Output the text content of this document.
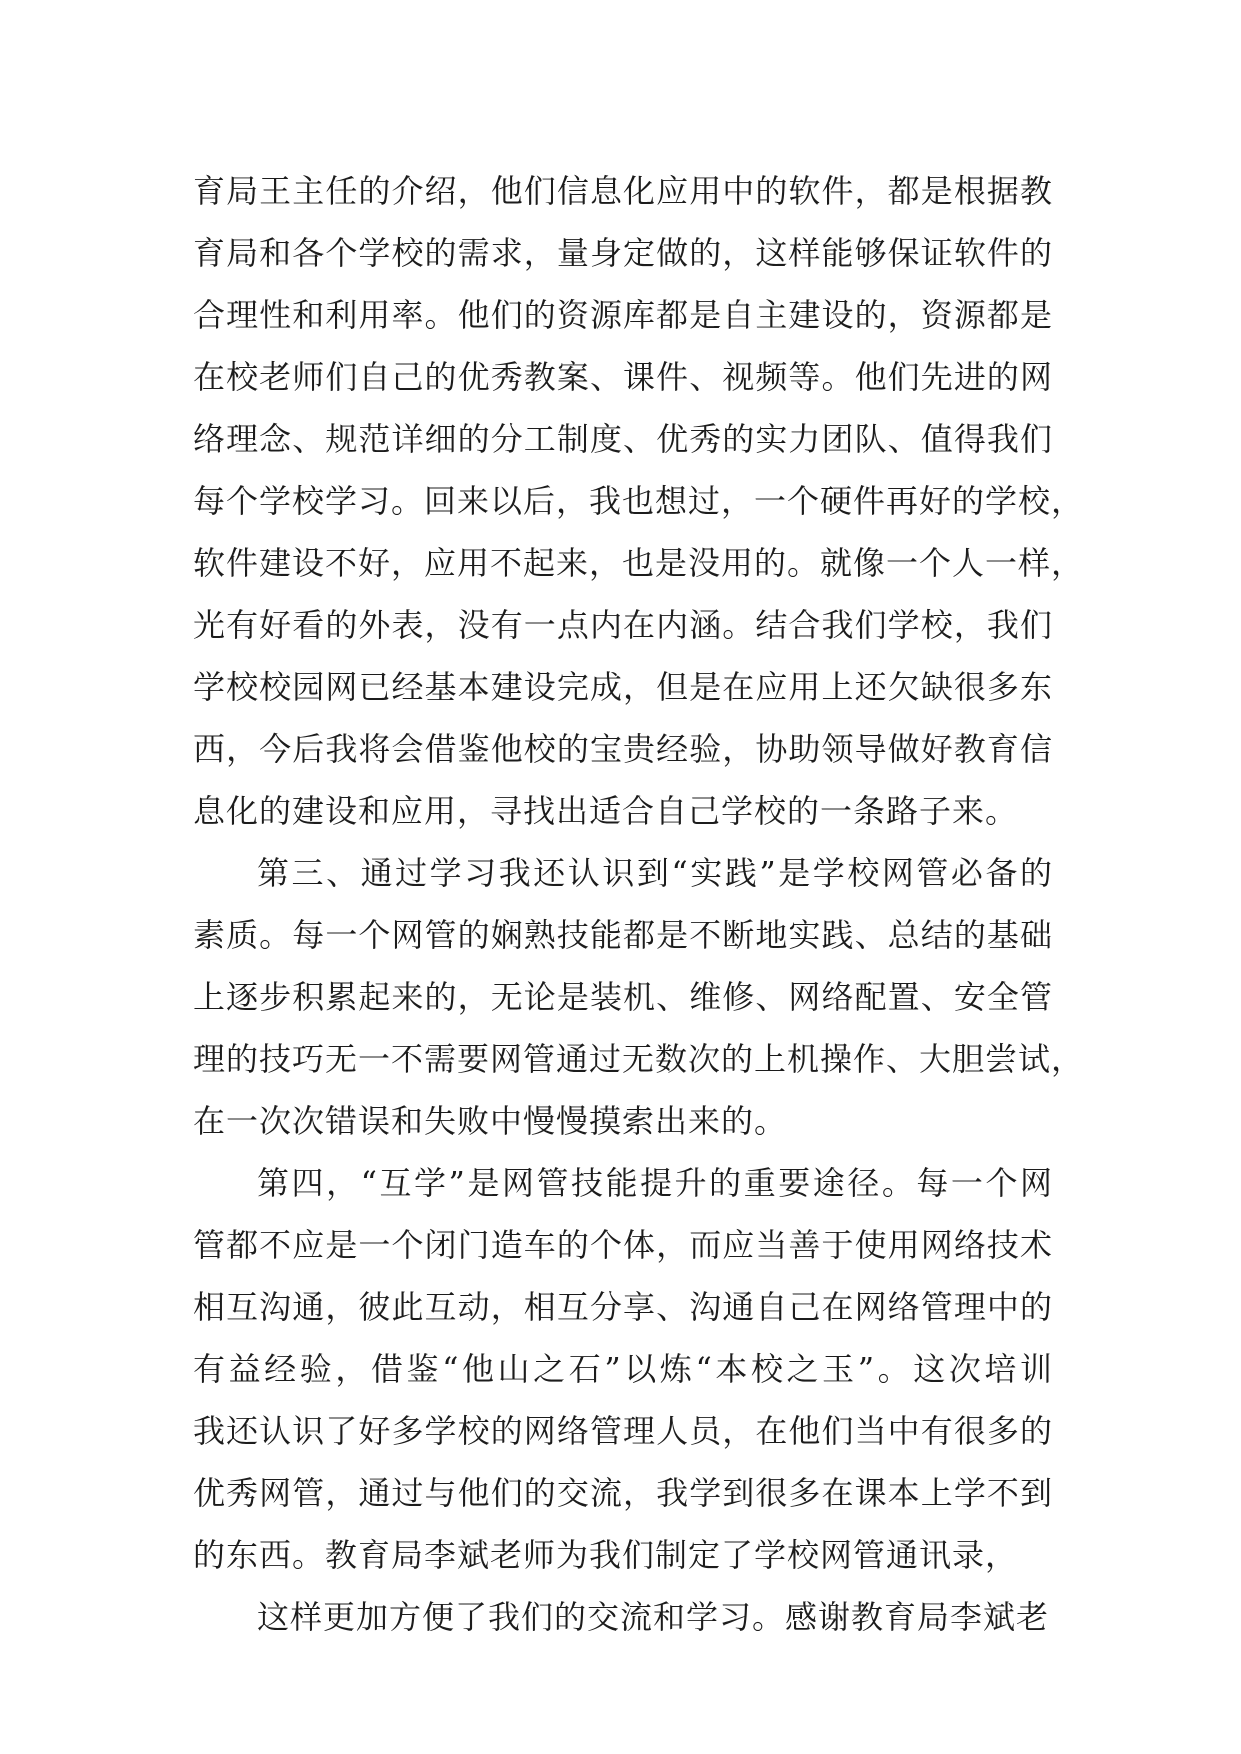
育局王主任的介绍，他们信息化应用中的软件，都是根据教
育局和各个学校的需求，量身定做的，这样能够保证软件的
合理性和利用率。他们的资源库都是自主建设的，资源都是
在校老师们自己的优秀教案、课件、视频等。他们先进的网
络理念、规范详细的分工制度、优秀的实力团队、值得我们
每个学校学习。回来以后，我也想过，一个硬件再好的学校，
软件建设不好，应用不起来，也是没用的。就像一个人一样，
光有好看的外表，没有一点内在内涵。结合我们学校，我们
学校校园网已经基本建设完成，但是在应用上还欠缺很多东
西，今后我将会借鉴他校的宝贵经验，协助领导做好教育信
息化的建设和应用，寻找出适合自己学校的一条路子来。
第三、通过学习我还认识到“实践”是学校网管必备的
素质。每一个网管的娴熟技能都是不断地实践、总结的基础
上逐步积累起来的，无论是装机、维修、网络配置、安全管
理的技巧无一不需要网管通过无数次的上机操作、大胆尝试，
在一次次错误和失败中慢慢摸索出来的。
第四，“互学”是网管技能提升的重要途径。每一个网
管都不应是一个闭门造车的个体，而应当善于使用网络技术
相互沟通，彼此互动，相互分享、沟通自己在网络管理中的
有益经验，借鉴“他山之石”以炼“本校之玉”。这次培训
我还认识了好多学校的网络管理人员，在他们当中有很多的
优秀网管，通过与他们的交流，我学到很多在课本上学不到
的东西。教育局李斌老师为我们制定了学校网管通讯录，
这样更加方便了我们的交流和学习。感谢教育局李斌老
